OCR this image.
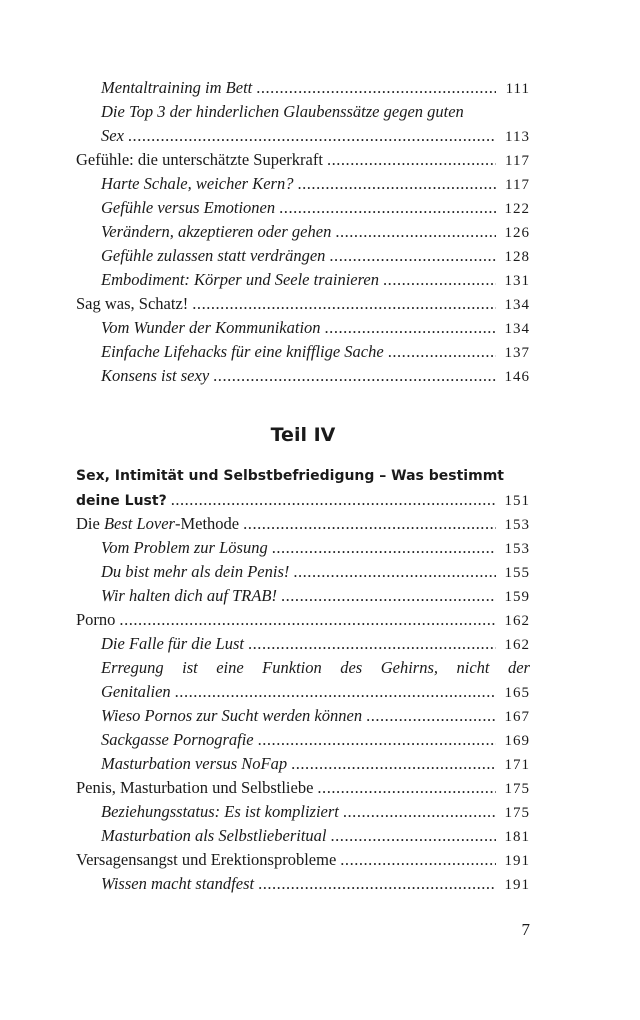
Mentaltraining im Bett . . .	111
Die Top 3 der hinderlichen Glaubenssätze gegen guten
Sex . . .	113
Gefühle: die unterschätzte Superkraft . . .	117
Harte Schale, weicher Kern? . . .	117
Gefühle versus Emotionen . . .	122
Verändern, akzeptieren oder gehen . . .	126
Gefühle zulassen statt verdrängen . . .	128
Embodiment: Körper und Seele trainieren . . .	131
Sag was, Schatz! . . .	134
Vom Wunder der Kommunikation . . .	134
Einfache Lifehacks für eine knifflige Sache . . .	137
Konsens ist sexy . . .	146
Teil IV
Sex, Intimität und Selbstbefriedigung – Was bestimmt
deine Lust? . . .	151
Die Best Lover-Methode . . .	153
Vom Problem zur Lösung . . .	153
Du bist mehr als dein Penis! . . .	155
Wir halten dich auf TRAB! . . .	159
Porno . . .	162
Die Falle für die Lust . . .	162
Erregung ist eine Funktion des Gehirns, nicht der
Genitalien . . .	165
Wieso Pornos zur Sucht werden können . . .	167
Sackgasse Pornografie . . .	169
Masturbation versus NoFap . . .	171
Penis, Masturbation und Selbstliebe . . .	175
Beziehungsstatus: Es ist kompliziert . . .	175
Masturbation als Selbstlieberitual . . .	181
Versagensangst und Erektionsprobleme . . .	191
Wissen macht standfest . . .	191
7
